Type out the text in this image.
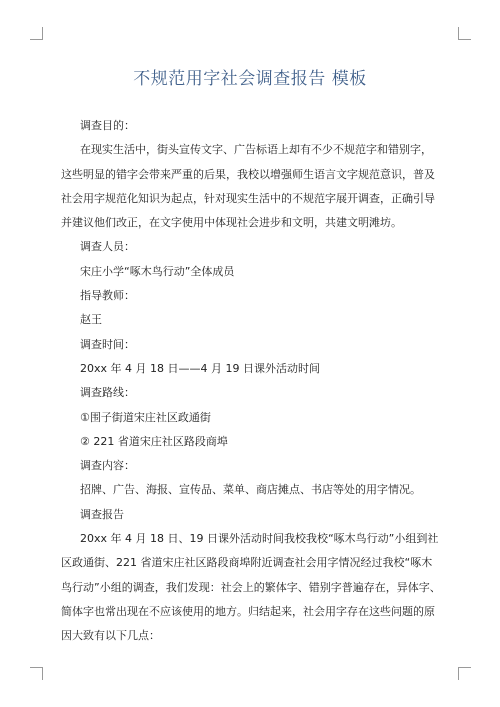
不规范用字社会调查报告 模板

调查目的：

在现实生活中，街头宣传文字、广告标语上却有不少不规范字和错别字，这些明显的错字会带来严重的后果，我校以增强师生语言文字规范意识，普及社会用字规范化知识为起点，针对现实生活中的不规范字展开调查，正确引导并建议他们改正，在文字使用中体现社会进步和文明，共建文明滩坊。

调查人员：

宋庄小学“啄木鸟行动”全体成员

指导教师：

赵王

调查时间：

20xx 年 4 月 18 日——4 月 19 日课外活动时间

调查路线：

①围子街道宋庄社区政通街

② 221 省道宋庄社区路段商埠

调查内容：

招牌、广告、海报、宣传品、菜单、商店摊点、书店等处的用字情况。

调查报告

20xx 年 4 月 18 日、19 日课外活动时间我校我校“啄木鸟行动”小组到社区政通街、221 省道宋庄社区路段商埠附近调查社会用字情况经过我校“啄木鸟行动”小组的调查，我们发现：社会上的繁体字、错别字普遍存在，异体字、简体字也常出现在不应该使用的地方。归结起来，社会用字存在这些问题的原因大致有以下几点：
